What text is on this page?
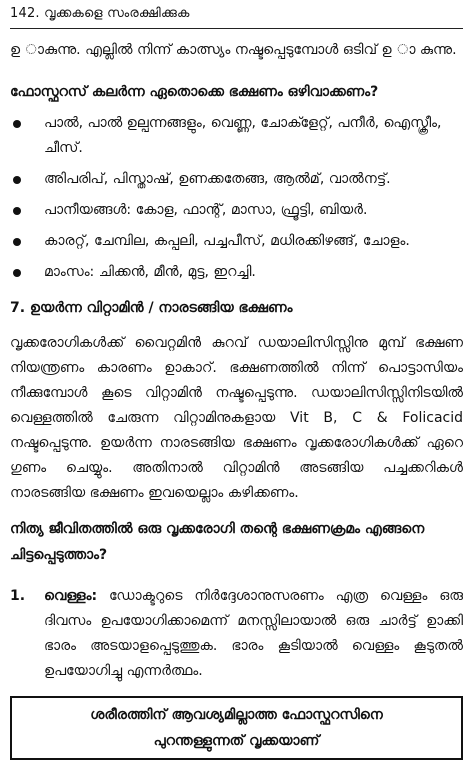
142. വൃക്കകളെ സംരക്ഷിക്കുക

ഉ ാകുന്നു. എല്ലിൽ നിന്ന് കാത്സ്യം നഷ്ടപ്പെടുമ്പോൾ ഒടിവ് ഉ ാ കുന്നു.

ഫോസ്ഫറസ് കലർന്ന ഏതൊക്കെ ഭക്ഷണം ഒഴിവാക്കണം?
പാൽ, പാൽ ഉല്പന്നങ്ങളും, വെണ്ണ, ചോക്ളേറ്റ്, പനീർ, ഐസ്ക്രീം, ചീസ്.
അിപരിപ്, പിസ്താഷ്, ഉണക്കതേങ്ങ, ആൽമ്, വാൽനട്ട്.
പാനീയങ്ങൾ: കോള, ഫാന്റ്, മാസാ, ഫ്രൂട്ടി, ബിയർ.
കാരറ്റ്, ചേമ്പില, കപ്പലി, പച്ചപീസ്, മധിരക്കിഴങ്ങ്, ചോളം.
മാംസം: ചിക്കൻ, മീൻ, മുട്ട, ഇറച്ചി.
7. ഉയർന്ന വിറ്റാമിൻ / നാരടങ്ങിയ ഭക്ഷണം

വൃക്കരോഗികൾക്ക് വൈറ്റമിൻ കുറവ് ഡയാലിസിസ്സിനു മുമ്പ് ഭക്ഷണ നിയന്ത്രണം കാരണം ഉാകാറ്. ഭക്ഷണത്തിൽ നിന്ന് പൊട്ടാസിയം നീക്കുമ്പോൾ കൂടെ വിറ്റാമിൻ നഷ്ടപ്പെടുന്നു. ഡയാലിസിസ്സിനിടയിൽ വെള്ളത്തിൽ ചേരുന്ന വിറ്റാമിനുകളായ Vit B, C & Folicacid നഷ്ടപ്പെടുന്നു. ഉയർന്ന നാരടങ്ങിയ ഭക്ഷണം വൃക്കരോഗികൾക്ക് ഏറെ ഗുണം ചെയ്യും. അതിനാൽ വിറ്റാമിൻ അടങ്ങിയ പച്ചക്കറികൾ നാരടങ്ങിയ ഭക്ഷണം ഇവയെല്ലാം കഴിക്കണം.

നിത്യ ജീവിതത്തിൽ ഒരു വൃക്കരോഗി തന്റെ ഭക്ഷണക്രമം എങ്ങനെ ചിട്ടപ്പെടുത്താം?
1.	വെള്ളം: ഡോക്ടറുടെ നിർദ്ദേശാനുസരണം എത്ര വെള്ളം ഒരു ദിവസം ഉപയോഗിക്കാമെന്ന് മനസ്സിലായാൽ ഒരു ചാർട്ട് ഉാക്കി ഭാരം അടയാളപ്പെടുത്തുക. ഭാരം കൂടിയാൽ വെള്ളം കൂടുതൽ ഉപയോഗിച്ചു എന്നർത്ഥം.

ശരീരത്തിന് ആവശ്യമില്ലാത്ത ഫോസ്ഫറസിനെ
പുറന്തള്ളുന്നത് വൃക്കയാണ്
